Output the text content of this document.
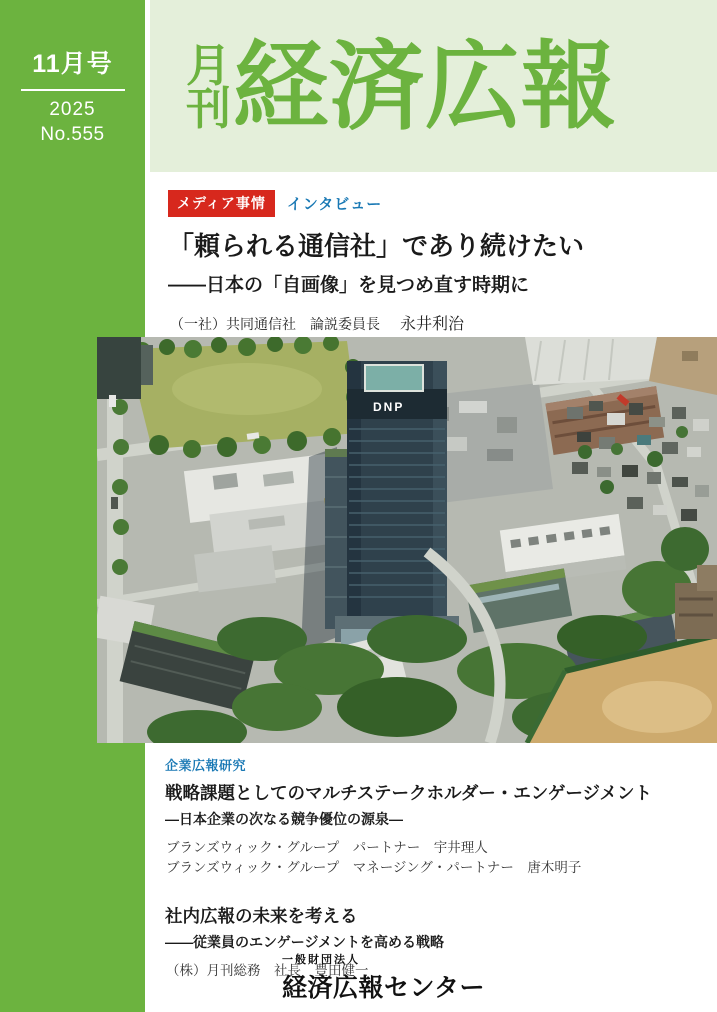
11月号
2025
No.555
月
刊 経済広報
メディア事情	インタビュー
「頼られる通信社」であり続けたい
——日本の「自画像」を見つめ直す時期に

（一社）共同通信社 論説委員長 永井利治

DNP
企業広報研究
戦略課題としてのマルチステークホルダー・エンゲージメント
—日本企業の次なる競争優位の源泉—
ブランズウィック・グループ　パートナー　宇井理人
ブランズウィック・グループ　マネージング・パートナー　唐木明子
社内広報の未来を考える
——従業員のエンゲージメントを高める戦略
（株）月刊総務　社長　豊田健一
一般財団法人
経済広報センター
